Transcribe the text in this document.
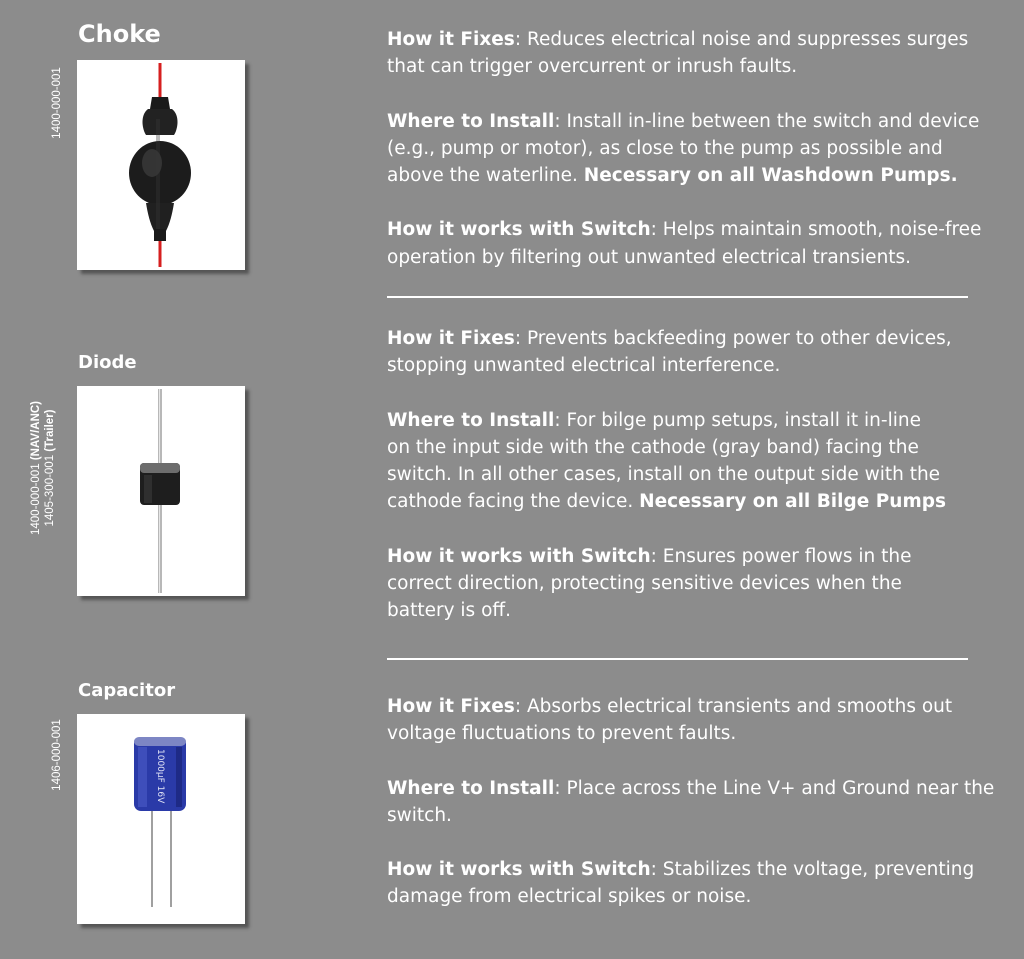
Choke
1400-000-001

How it Fixes: Reduces electrical noise and suppresses surges
that can trigger overcurrent or inrush faults.

Where to Install: Install in-line between the switch and device
(e.g., pump or motor), as close to the pump as possible and
above the waterline. Necessary on all Washdown Pumps.

How it works with Switch: Helps maintain smooth, noise-free
operation by filtering out unwanted electrical transients.

Diode
1400-000-001 (NAV/ANC)
1405-300-001 (Trailer)

How it Fixes: Prevents backfeeding power to other devices,
stopping unwanted electrical interference.

Where to Install: For bilge pump setups, install it in-line
on the input side with the cathode (gray band) facing the
switch. In all other cases, install on the output side with the
cathode facing the device. Necessary on all Bilge Pumps

How it works with Switch: Ensures power flows in the
correct direction, protecting sensitive devices when the
battery is off.

Capacitor
1406-000-001	1000µF 16V

How it Fixes: Absorbs electrical transients and smooths out
voltage fluctuations to prevent faults.

Where to Install: Place across the Line V+ and Ground near the
switch.

How it works with Switch: Stabilizes the voltage, preventing
damage from electrical spikes or noise.
